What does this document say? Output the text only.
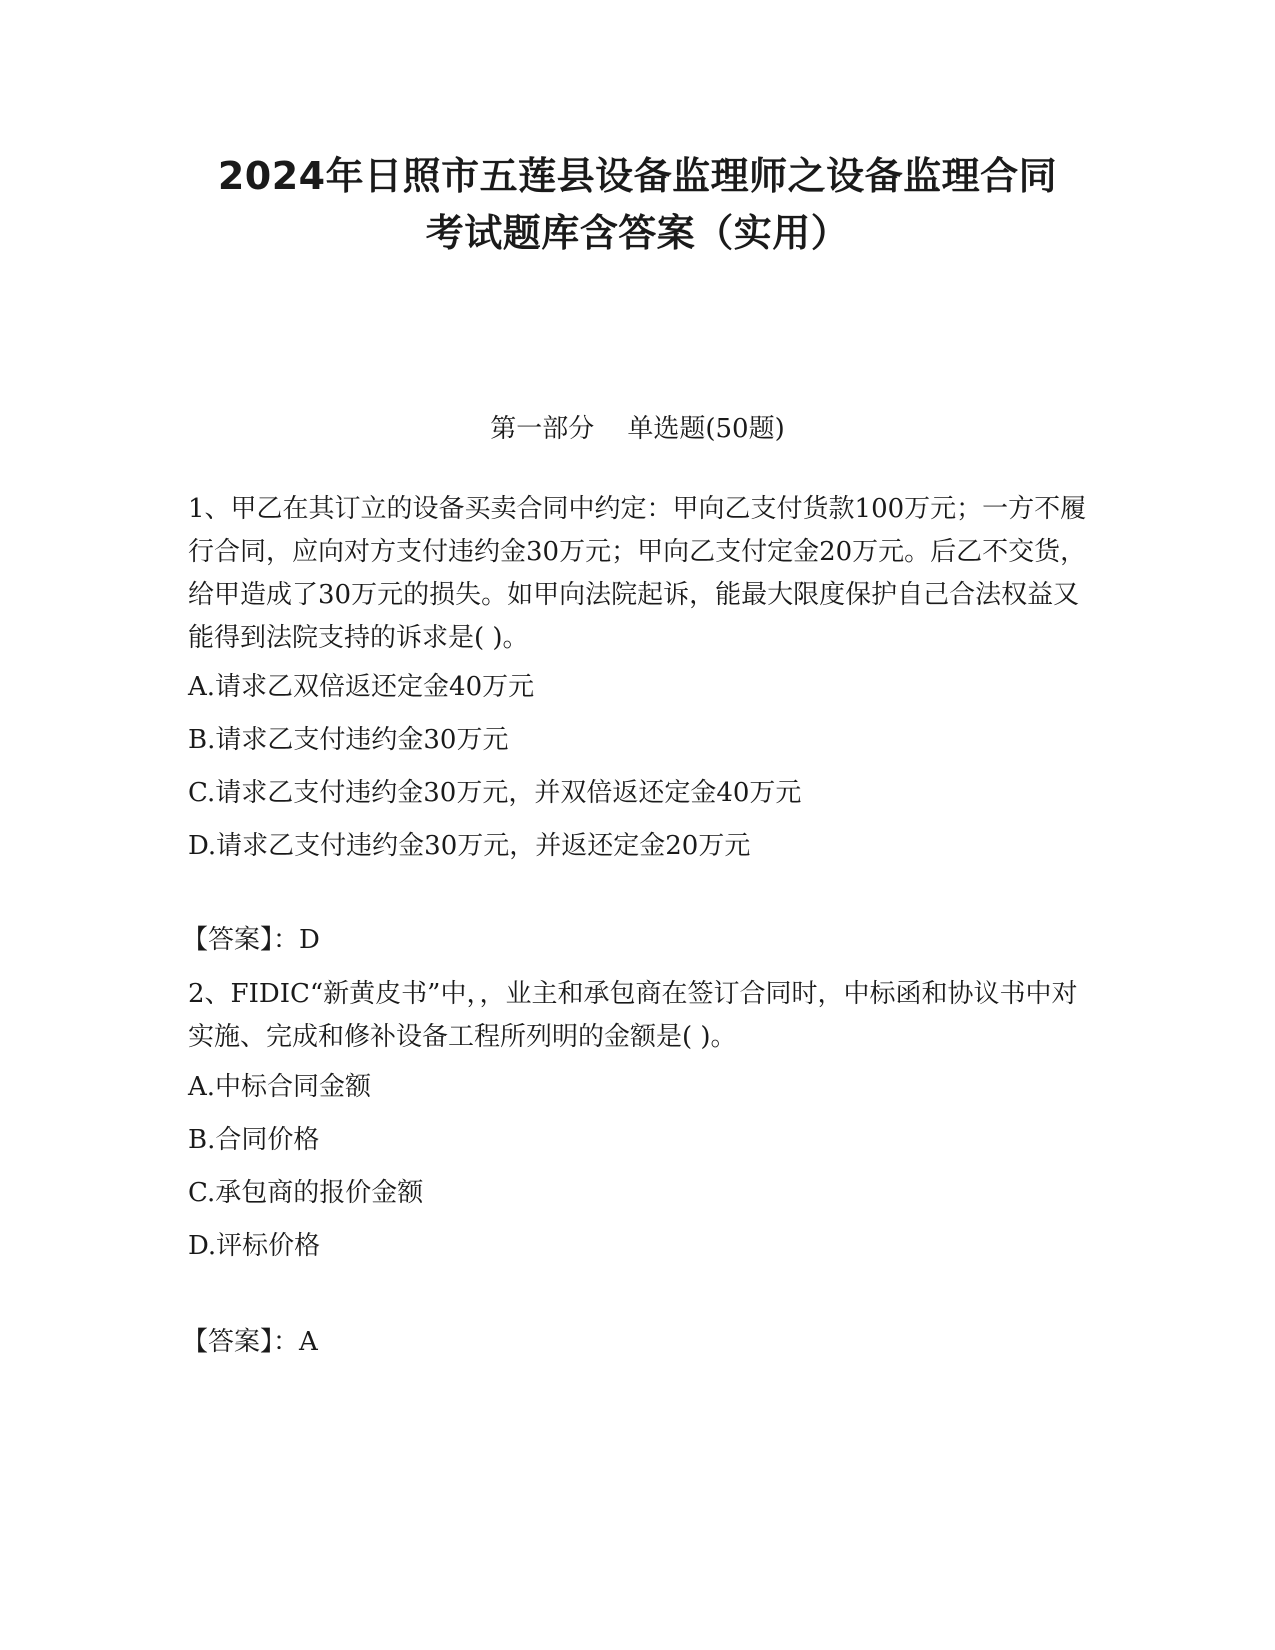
2024年日照市五莲县设备监理师之设备监理合同
考试题库含答案（实用）
第一部分    单选题(50题)

1、甲乙在其订立的设备买卖合同中约定：甲向乙支付货款100万元；一方不履行合同，应向对方支付违约金30万元；甲向乙支付定金20万元。后乙不交货，给甲造成了30万元的损失。如甲向法院起诉，能最大限度保护自己合法权益又能得到法院支持的诉求是( )。

A.请求乙双倍返还定金40万元

B.请求乙支付违约金30万元

C.请求乙支付违约金30万元，并双倍返还定金40万元

D.请求乙支付违约金30万元，并返还定金20万元

【答案】：D

2、FIDIC“新黄皮书”中，，业主和承包商在签订合同时，中标函和协议书中对实施、完成和修补设备工程所列明的金额是( )。

A.中标合同金额

B.合同价格

C.承包商的报价金额

D.评标价格

【答案】：A
